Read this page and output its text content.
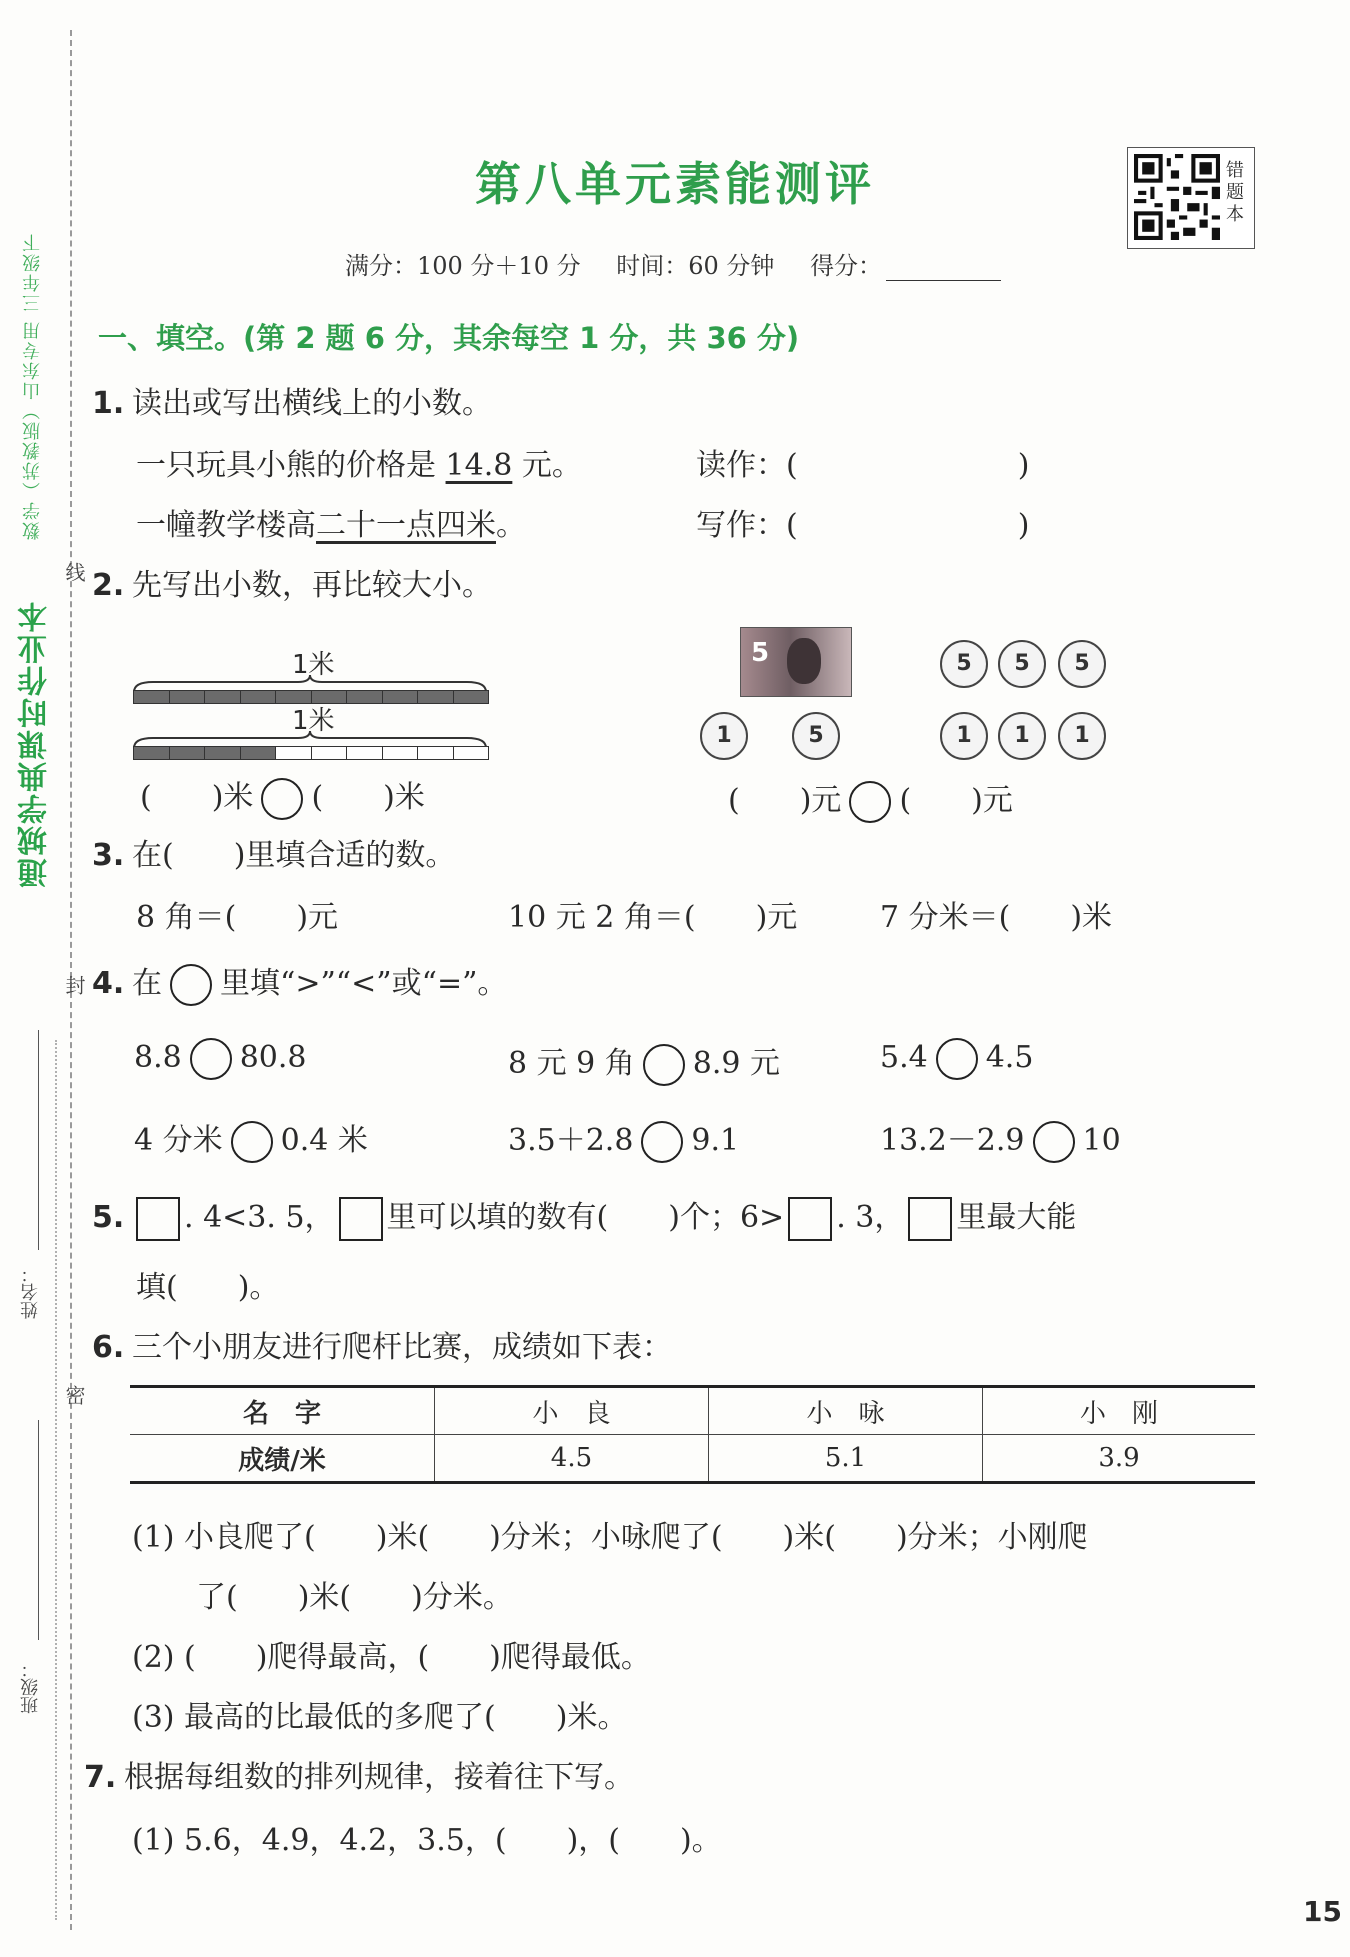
数学（苏教版）山东专用 三年级下
通城学典课时作业本
线
封
密
姓名：
班级：
第八单元素能测评	错题本
满分：100 分＋10 分 时间：60 分钟 得分：
一、填空。(第 2 题 6 分，其余每空 1 分，共 36 分)
1. 读出或写出横线上的小数。
一只玩具小熊的价格是 14.8 元。	读作：(	)
一幢教学楼高二十一点四米。	写作：(	)
2. 先写出小数，再比较大小。
1米
1米
( )米 ( )米
5	5	5	5
1	5	1	1	1
( )元 ( )元
3. 在(　　)里填合适的数。
8 角＝(　　)元	10 元 2 角＝(　　)元	7 分米＝(　　)米
4. 在 里填“>”“<”或“=”。
8.8 80.8	8 元 9 角 8.9 元	5.4 4.5
4 分米 0.4 米	3.5＋2.8 9.1	13.2－2.9 10
5. . 4<3. 5， 里可以填的数有(　　)个；6> . 3， 里最大能
填(　　)。
6. 三个小朋友进行爬杆比赛，成绩如下表：
名　字	小　良	小　咏	小　刚
成绩/米	4.5	5.1	3.9
(1) 小良爬了(　　)米(　　)分米；小咏爬了(　　)米(　　)分米；小刚爬
了(　　)米(　　)分米。
(2) (　　)爬得最高，(　　)爬得最低。
(3) 最高的比最低的多爬了(　　)米。
7. 根据每组数的排列规律，接着往下写。
(1) 5.6，4.9，4.2，3.5，(　　)，(　　)。
15
